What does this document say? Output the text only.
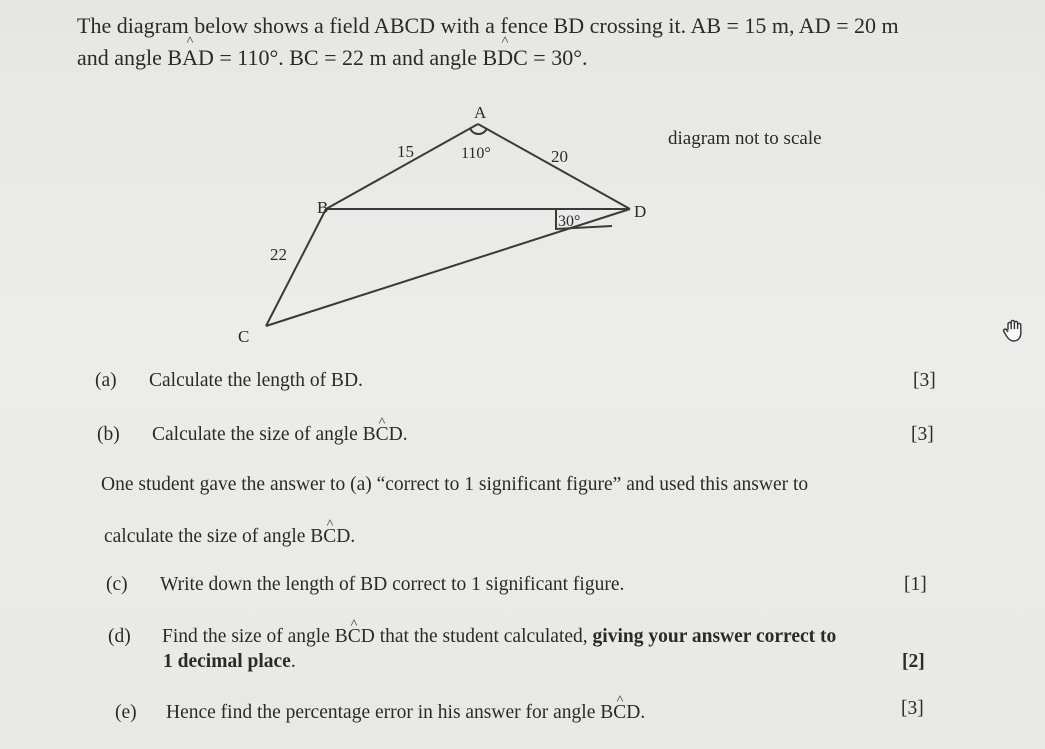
The diagram below shows a field ABCD with a fence BD crossing it. AB = 15 m, AD = 20 m
and angle B^ AD = 110°. BC = 22 m and angle B^ DC = 30°.
A
B
C
D
15	20
22
110°
30°
diagram not to scale
(a) Calculate the length of BD.	[3]
(b) Calculate the size of angle B^ CD.	[3]
One student gave the answer to (a) “correct to 1 significant figure” and used this answer to
calculate the size of angle B^ CD.
(c) Write down the length of BD correct to 1 significant figure.	[1]
(d) Find the size of angle B^ CD that the student calculated, giving your answer correct to
1 decimal place.	[2]
(e) Hence find the percentage error in his answer for angle B^ CD.	[3]
